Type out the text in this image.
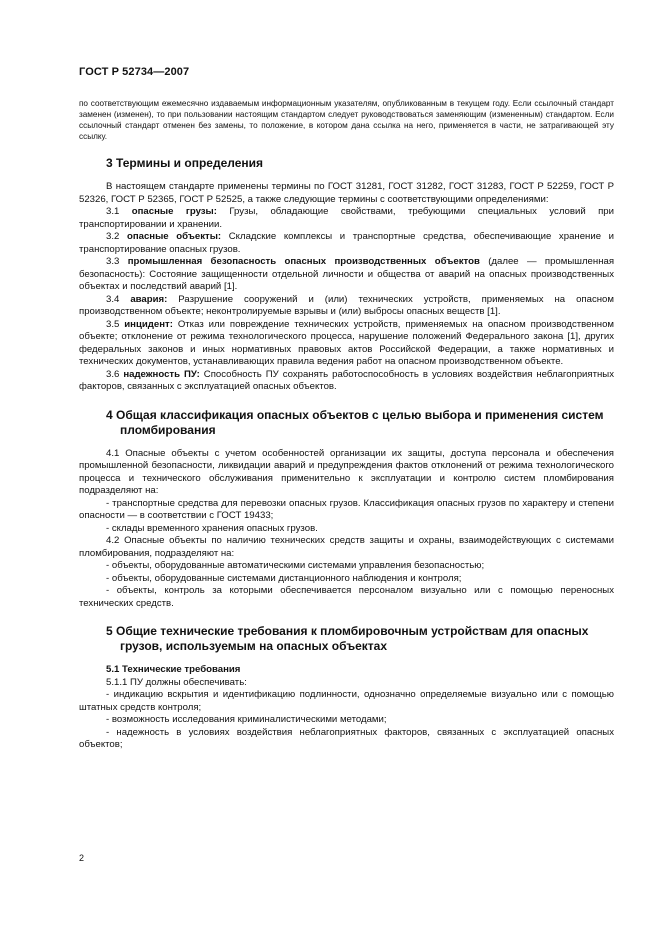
ГОСТ Р 52734—2007

по соответствующим ежемесячно издаваемым информационным указателям, опубликованным в текущем году. Если ссылочный стандарт заменен (изменен), то при пользовании настоящим стандартом следует руководствоваться заменяющим (измененным) стандартом. Если ссылочный стандарт отменен без замены, то положение, в котором дана ссылка на него, применяется в части, не затрагивающей эту ссылку.

3 Термины и определения

В настоящем стандарте применены термины по ГОСТ 31281, ГОСТ 31282, ГОСТ 31283, ГОСТ Р 52259, ГОСТ Р 52326, ГОСТ Р 52365, ГОСТ Р 52525, а также следующие термины с соответствующими определениями:

3.1 опасные грузы: Грузы, обладающие свойствами, требующими специальных условий при транспортировании и хранении.

3.2 опасные объекты: Складские комплексы и транспортные средства, обеспечивающие хранение и транспортирование опасных грузов.

3.3 промышленная безопасность опасных производственных объектов (далее — промышленная безопасность): Состояние защищенности отдельной личности и общества от аварий на опасных производственных объектах и последствий аварий [1].

3.4 авария: Разрушение сооружений и (или) технических устройств, применяемых на опасном производственном объекте; неконтролируемые взрывы и (или) выбросы опасных веществ [1].

3.5 инцидент: Отказ или повреждение технических устройств, применяемых на опасном производственном объекте; отклонение от режима технологического процесса, нарушение положений Федерального закона [1], других федеральных законов и иных нормативных правовых актов Российской Федерации, а также нормативных и технических документов, устанавливающих правила ведения работ на опасном производственном объекте.

3.6 надежность ПУ: Способность ПУ сохранять работоспособность в условиях воздействия неблагоприятных факторов, связанных с эксплуатацией опасных объектов.

4 Общая классификация опасных объектов с целью выбора и применения систем пломбирования

4.1 Опасные объекты с учетом особенностей организации их защиты, доступа персонала и обеспечения промышленной безопасности, ликвидации аварий и предупреждения фактов отклонений от режима технологического процесса и технического обслуживания применительно к эксплуатации и контролю систем пломбирования подразделяют на:

- транспортные средства для перевозки опасных грузов. Классификация опасных грузов по характеру и степени опасности — в соответствии с ГОСТ 19433;

- склады временного хранения опасных грузов.

4.2 Опасные объекты по наличию технических средств защиты и охраны, взаимодействующих с системами пломбирования, подразделяют на:

- объекты, оборудованные автоматическими системами управления безопасностью;

- объекты, оборудованные системами дистанционного наблюдения и контроля;

- объекты, контроль за которыми обеспечивается персоналом визуально или с помощью переносных технических средств.

5 Общие технические требования к пломбировочным устройствам для опасных грузов, используемым на опасных объектах
5.1 Технические требования

5.1.1 ПУ должны обеспечивать:

- индикацию вскрытия и идентификацию подлинности, однозначно определяемые визуально или с помощью штатных средств контроля;

- возможность исследования криминалистическими методами;

- надежность в условиях воздействия неблагоприятных факторов, связанных с эксплуатацией опасных объектов;

2
